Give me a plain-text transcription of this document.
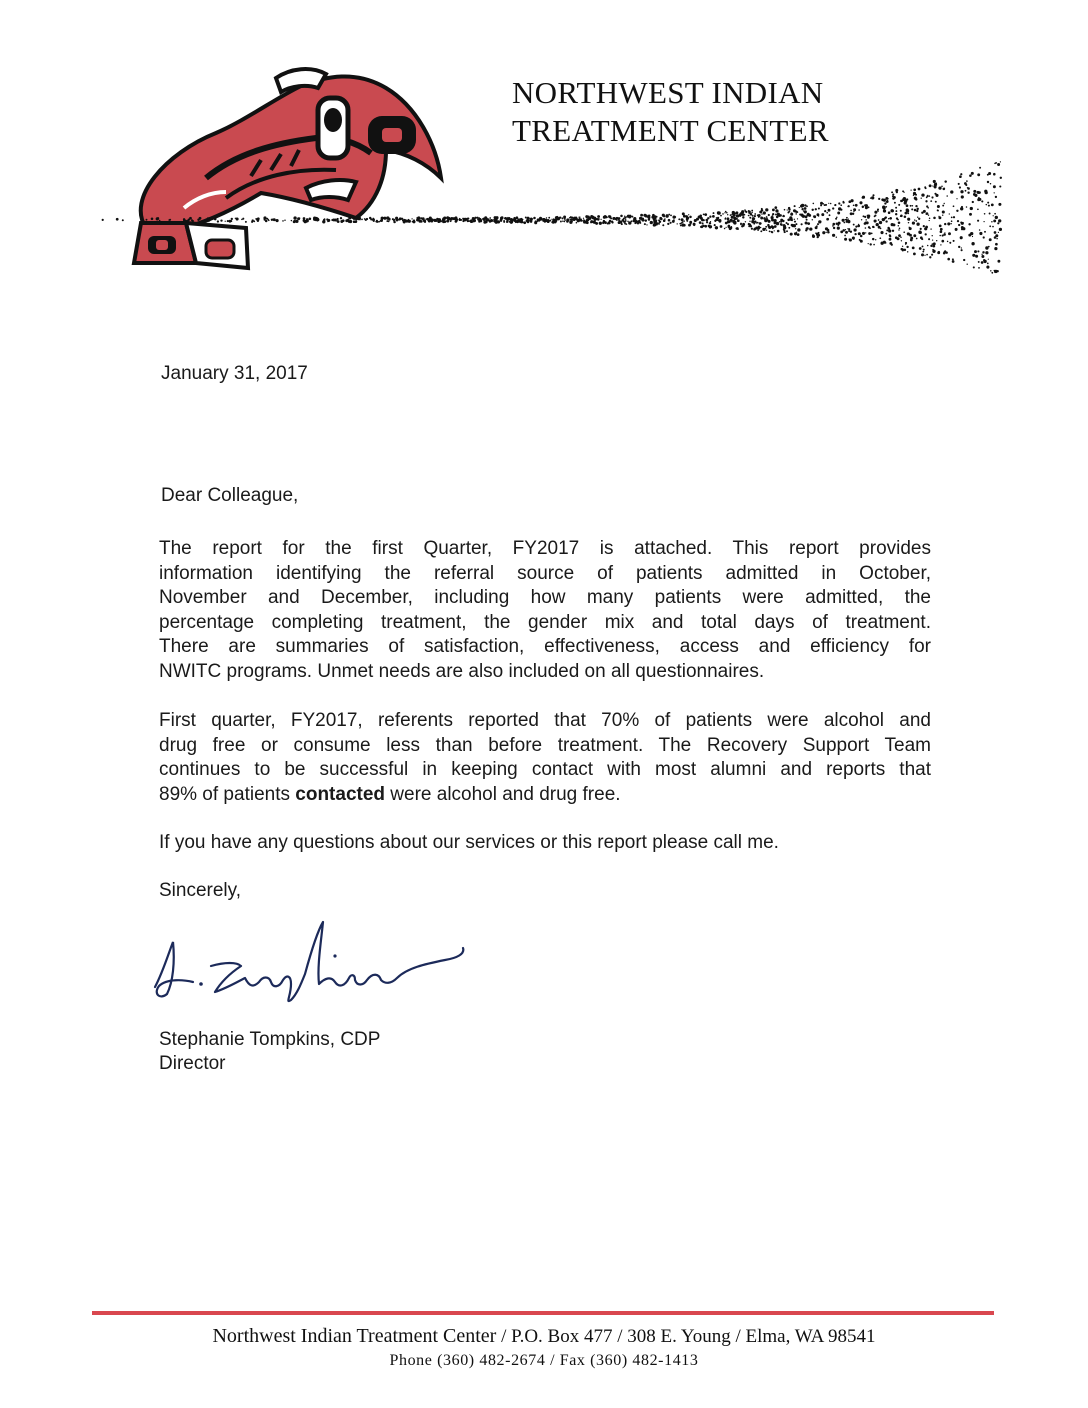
NORTHWEST INDIAN
TREATMENT CENTER
January 31, 2017
Dear Colleague,
The report for the first Quarter, FY2017 is attached. This report provides
information identifying the referral source of patients admitted in October,
November and December, including how many patients were admitted, the
percentage completing treatment, the gender mix and total days of treatment.
There are summaries of satisfaction, effectiveness, access and efficiency for
NWITC programs. Unmet needs are also included on all questionnaires.
First quarter, FY2017, referents reported that 70% of patients were alcohol and
drug free or consume less than before treatment. The Recovery Support Team
continues to be successful in keeping contact with most alumni and reports that
89% of patients contacted were alcohol and drug free.
If you have any questions about our services or this report please call me.
Sincerely,
Stephanie Tompkins, CDP
Director
Northwest Indian Treatment Center / P.O. Box 477 / 308 E. Young / Elma, WA 98541
Phone (360) 482-2674 / Fax (360) 482-1413
